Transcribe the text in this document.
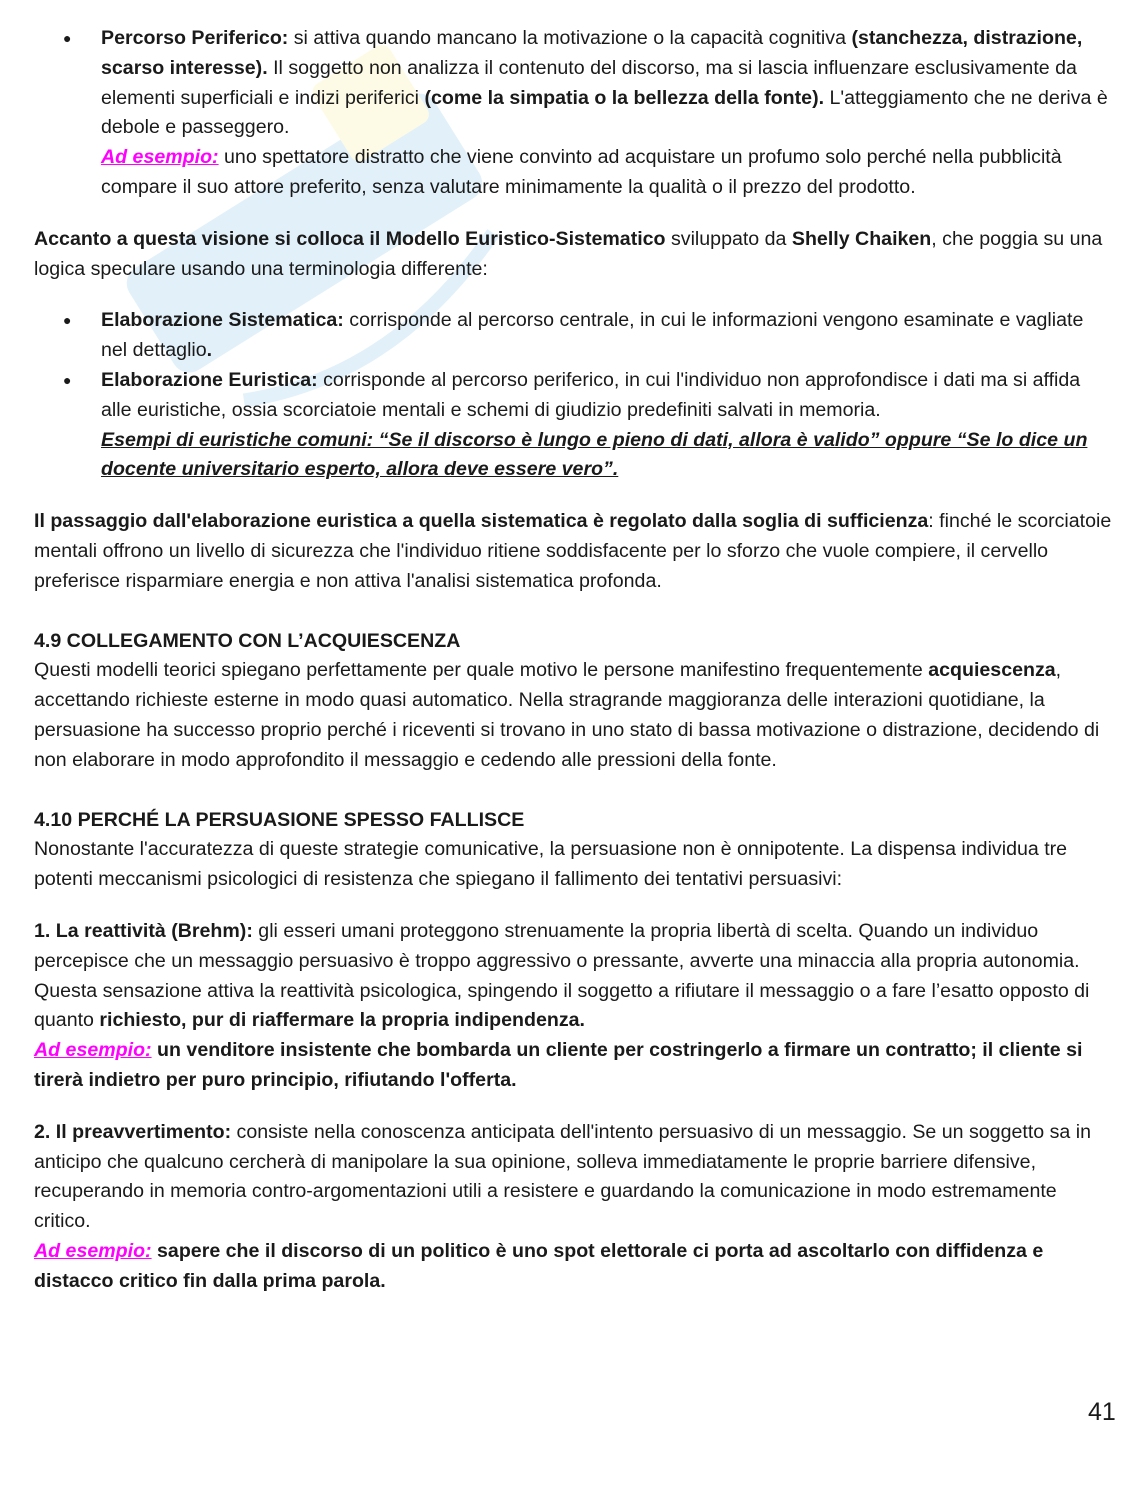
● Percorso Periferico: si attiva quando mancano la motivazione o la capacità cognitiva (stanchezza, distrazione, scarso interesse). Il soggetto non analizza il contenuto del discorso, ma si lascia influenzare esclusivamente da elementi superficiali e indizi periferici (come la simpatia o la bellezza della fonte). L'atteggiamento che ne deriva è debole e passeggero.
Ad esempio: uno spettatore distratto che viene convinto ad acquistare un profumo solo perché nella pubblicità compare il suo attore preferito, senza valutare minimamente la qualità o il prezzo del prodotto.

Accanto a questa visione si colloca il Modello Euristico-Sistematico sviluppato da Shelly Chaiken, che poggia su una logica speculare usando una terminologia differente:

● Elaborazione Sistematica: corrisponde al percorso centrale, in cui le informazioni vengono esaminate e vagliate nel dettaglio.
● Elaborazione Euristica: corrisponde al percorso periferico, in cui l'individuo non approfondisce i dati ma si affida alle euristiche, ossia scorciatoie mentali e schemi di giudizio predefiniti salvati in memoria.
Esempi di euristiche comuni: “Se il discorso è lungo e pieno di dati, allora è valido” oppure “Se lo dice un docente universitario esperto, allora deve essere vero”.

Il passaggio dall'elaborazione euristica a quella sistematica è regolato dalla soglia di sufficienza: finché le scorciatoie mentali offrono un livello di sicurezza che l'individuo ritiene soddisfacente per lo sforzo che vuole compiere, il cervello preferisce risparmiare energia e non attiva l'analisi sistematica profonda.

4.9 COLLEGAMENTO CON L’ACQUIESCENZA

Questi modelli teorici spiegano perfettamente per quale motivo le persone manifestino frequentemente acquiescenza, accettando richieste esterne in modo quasi automatico. Nella stragrande maggioranza delle interazioni quotidiane, la persuasione ha successo proprio perché i riceventi si trovano in uno stato di bassa motivazione o distrazione, decidendo di non elaborare in modo approfondito il messaggio e cedendo alle pressioni della fonte.

4.10 PERCHÉ LA PERSUASIONE SPESSO FALLISCE

Nonostante l'accuratezza di queste strategie comunicative, la persuasione non è onnipotente. La dispensa individua tre potenti meccanismi psicologici di resistenza che spiegano il fallimento dei tentativi persuasivi:

1. La reattività (Brehm): gli esseri umani proteggono strenuamente la propria libertà di scelta. Quando un individuo percepisce che un messaggio persuasivo è troppo aggressivo o pressante, avverte una minaccia alla propria autonomia. Questa sensazione attiva la reattività psicologica, spingendo il soggetto a rifiutare il messaggio o a fare l’esatto opposto di quanto richiesto, pur di riaffermare la propria indipendenza.
Ad esempio: un venditore insistente che bombarda un cliente per costringerlo a firmare un contratto; il cliente si tirerà indietro per puro principio, rifiutando l'offerta.

2. Il preavvertimento: consiste nella conoscenza anticipata dell'intento persuasivo di un messaggio. Se un soggetto sa in anticipo che qualcuno cercherà di manipolare la sua opinione, solleva immediatamente le proprie barriere difensive, recuperando in memoria contro-argomentazioni utili a resistere e guardando la comunicazione in modo estremamente critico.
Ad esempio: sapere che il discorso di un politico è uno spot elettorale ci porta ad ascoltarlo con diffidenza e distacco critico fin dalla prima parola.

41
